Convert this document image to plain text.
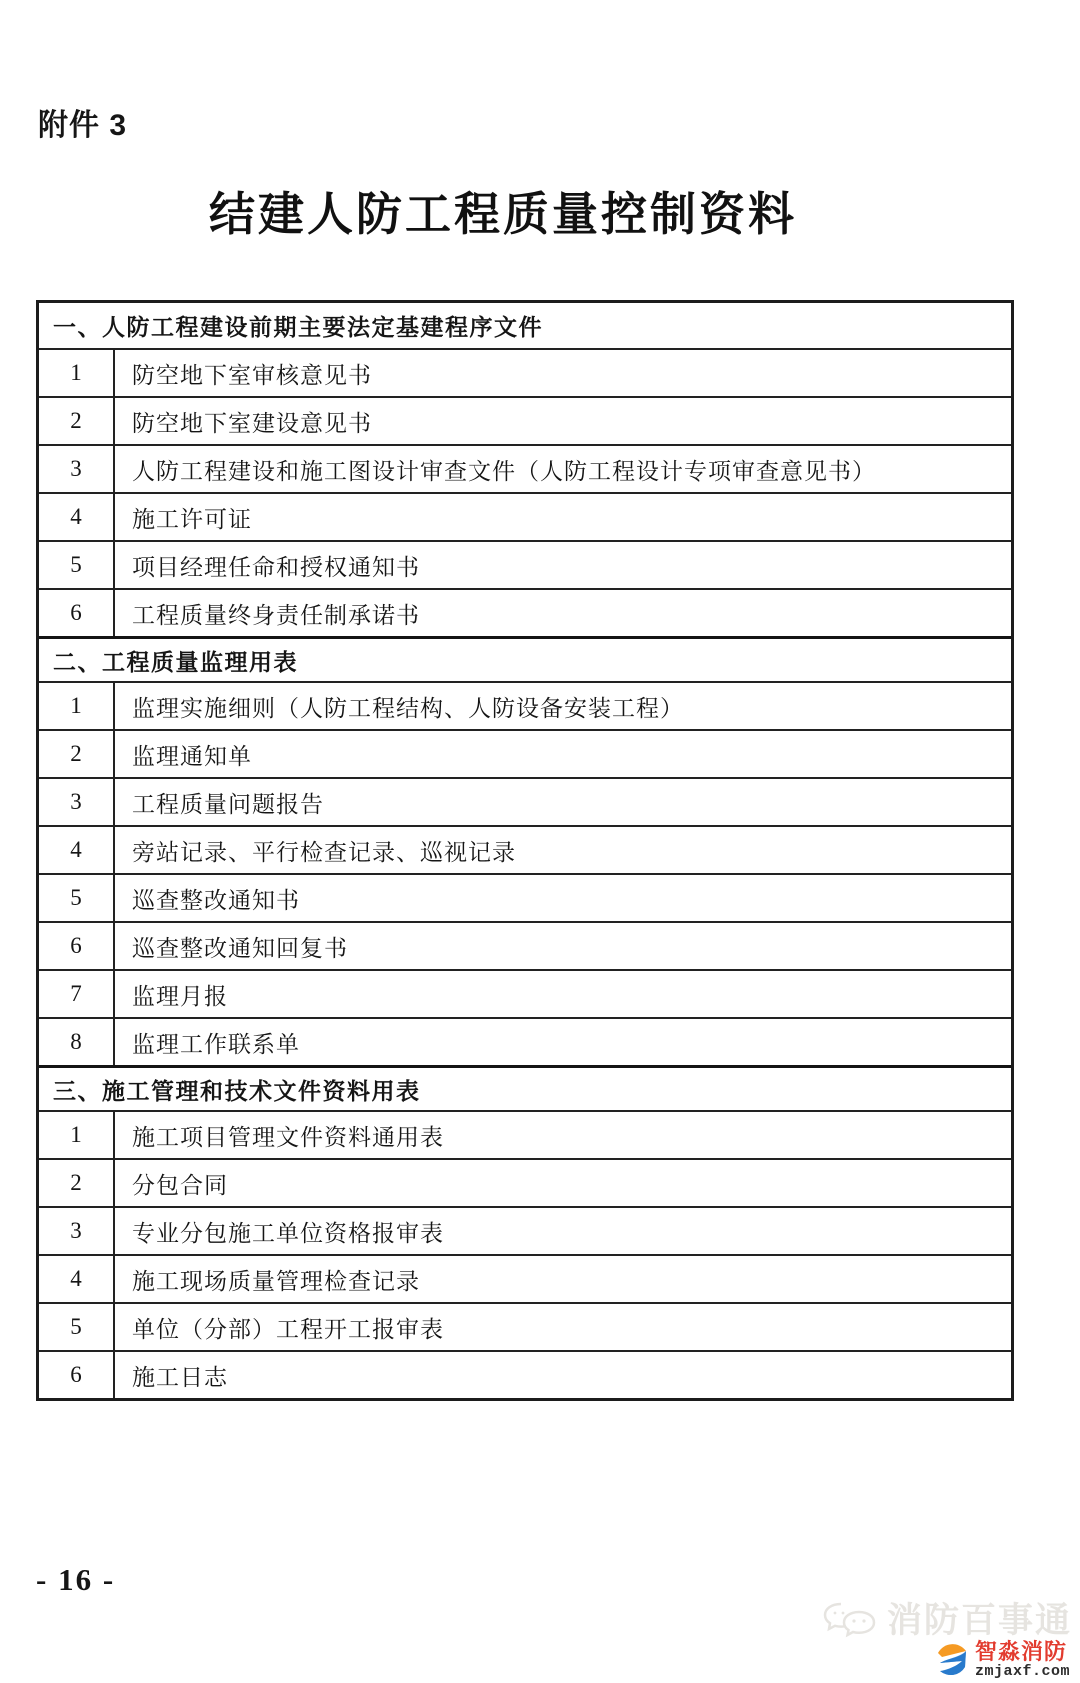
附件 3
结建人防工程质量控制资料
一、人防工程建设前期主要法定基建程序文件
1	防空地下室审核意见书
2	防空地下室建设意见书
3	人防工程建设和施工图设计审查文件（人防工程设计专项审查意见书）
4	施工许可证
5	项目经理任命和授权通知书
6	工程质量终身责任制承诺书
二、工程质量监理用表
1	监理实施细则（人防工程结构、人防设备安装工程）
2	监理通知单
3	工程质量问题报告
4	旁站记录、平行检查记录、巡视记录
5	巡查整改通知书
6	巡查整改通知回复书
7	监理月报
8	监理工作联系单
三、施工管理和技术文件资料用表
1	施工项目管理文件资料通用表
2	分包合同
3	专业分包施工单位资格报审表
4	施工现场质量管理检查记录
5	单位（分部）工程开工报审表
6	施工日志
- 16 -
消防百事通
智淼消防
zmjaxf.com
